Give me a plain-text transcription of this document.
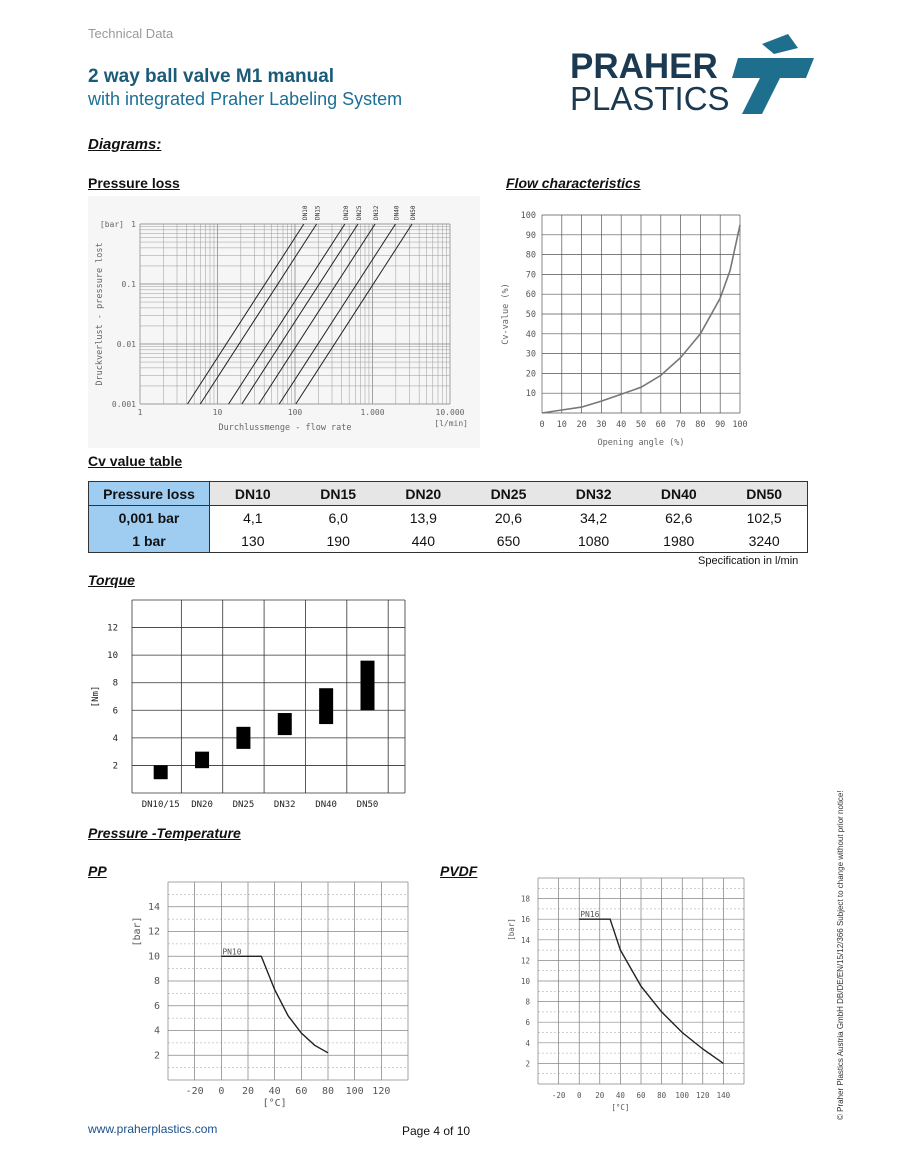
Technical Data
2 way ball valve M1 manual
with integrated Praher Labeling System
PRAHER
PLASTICS
Diagrams:
Pressure loss	Flow characteristics
DN10 DN15	DN20 DN25 DN32 DN40 DN50
1
0.1
0.01
0.001
[bar]
1	10	100	1.000	10.000
[l/min]
Durchlussmenge - flow rate
Druckverlust - pressure lost
0 10 20 30 40 50 60 70 80 90 100
10
20
30
40
50
60
70
80
90
100
Opening angle (%)
Cv-value (%)
Cv value table
Pressure loss	DN10	DN15	DN20	DN25	DN32	DN40	DN50
0,001 bar	4,1	6,0	13,9	20,6	34,2	62,6	102,5
1 bar	130	190	440	650	1080	1980	3240
Specification in l/min
Torque
DN10/15 DN20 DN25 DN32 DN40 DN50
2
4
6
8
10
12
[Nm]
Pressure -Temperature
PP	PVDF
PN10
-20 0 20 40 60 80 100 120
2
4
6
8
10
12
14
[°C]
[bar]
PN16
-20 0 20 40 60 80 100 120 140
2
4
6
8
10
12
14
16
18
[°C]
[bar]	© Praher Plastics Austria GmbH DB/DE/EN/15/12/366 Subject to change without prior notice!
www.praherplastics.com	Page 4 of 10
